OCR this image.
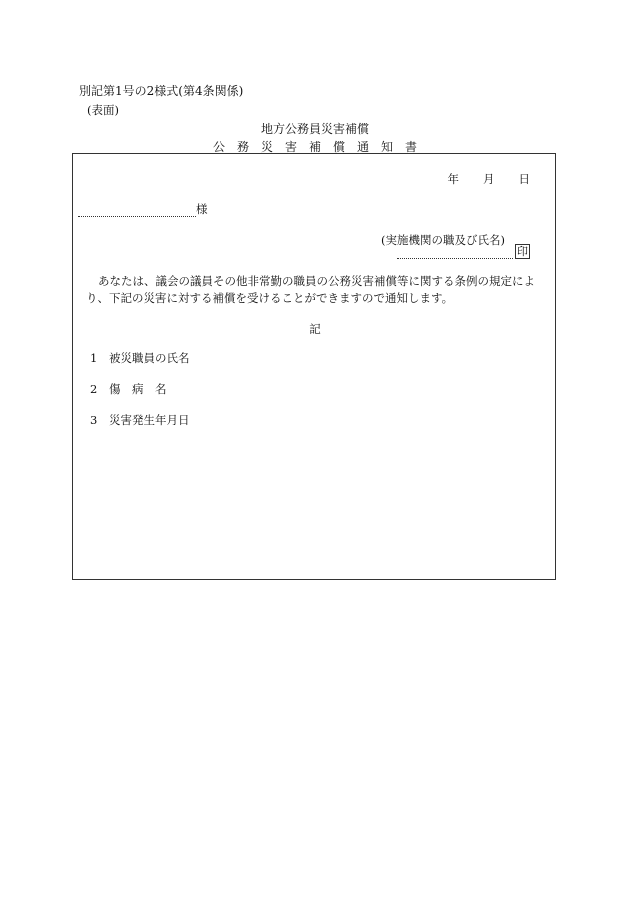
別記第1号の2様式(第4条関係)
(表面)
地方公務員災害補償
公務災害補償通知書
年 月 日
様
(実施機関の職及び氏名)
印
あなたは、議会の議員その他非常勤の職員の公務災害補償等に関する条例の規定により、下記の災害に対する補償を受けることができますので通知します。
記
1 被災職員の氏名
2 傷　病　名
3 災害発生年月日
